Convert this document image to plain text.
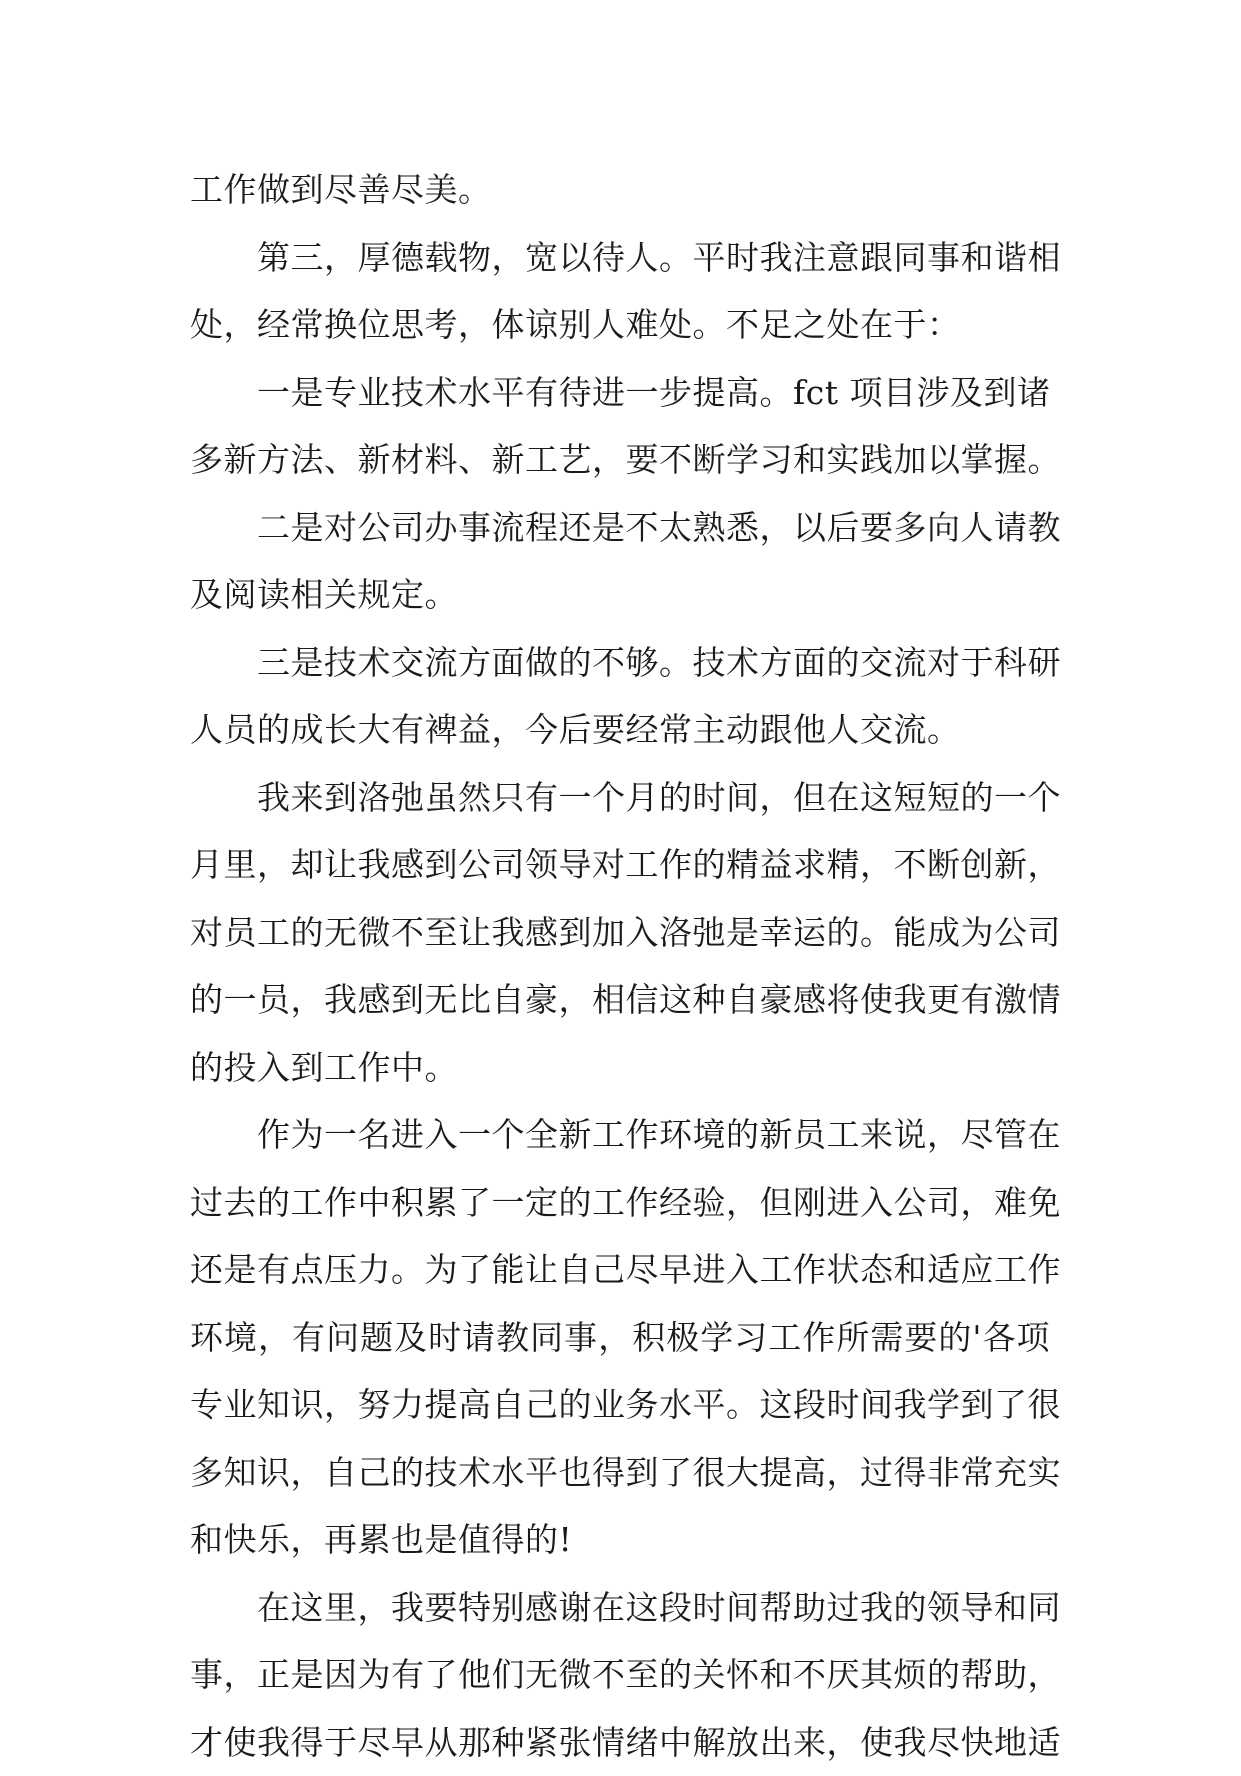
工作做到尽善尽美。
第三，厚德载物，宽以待人。平时我注意跟同事和谐相
处，经常换位思考，体谅别人难处。不足之处在于：
一是专业技术水平有待进一步提高。fct 项目涉及到诸
多新方法、新材料、新工艺，要不断学习和实践加以掌握。
二是对公司办事流程还是不太熟悉，以后要多向人请教
及阅读相关规定。
三是技术交流方面做的不够。技术方面的交流对于科研
人员的成长大有裨益，今后要经常主动跟他人交流。
我来到洛弛虽然只有一个月的时间，但在这短短的一个
月里，却让我感到公司领导对工作的精益求精，不断创新，
对员工的无微不至让我感到加入洛弛是幸运的。能成为公司
的一员，我感到无比自豪，相信这种自豪感将使我更有激情
的投入到工作中。
作为一名进入一个全新工作环境的新员工来说，尽管在
过去的工作中积累了一定的工作经验，但刚进入公司，难免
还是有点压力。为了能让自己尽早进入工作状态和适应工作
环境，有问题及时请教同事，积极学习工作所需要的'各项
专业知识，努力提高自己的业务水平。这段时间我学到了很
多知识，自己的技术水平也得到了很大提高，过得非常充实
和快乐，再累也是值得的!
在这里，我要特别感谢在这段时间帮助过我的领导和同
事，正是因为有了他们无微不至的关怀和不厌其烦的帮助，
才使我得于尽早从那种紧张情绪中解放出来，使我尽快地适
